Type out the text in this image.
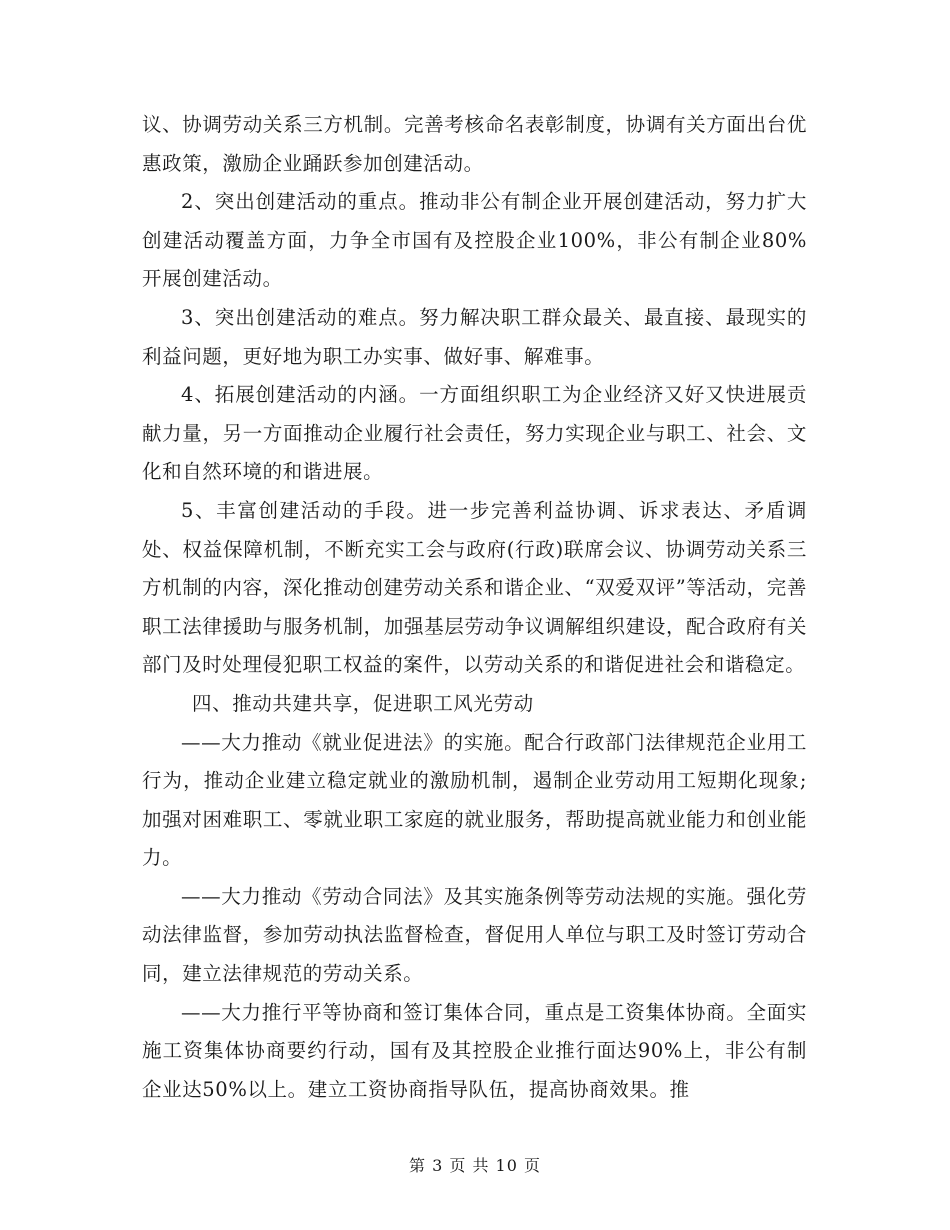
议、协调劳动关系三方机制。完善考核命名表彰制度，协调有关方面出台优惠政策，激励企业踊跃参加创建活动。

2、突出创建活动的重点。推动非公有制企业开展创建活动，努力扩大创建活动覆盖方面，力争全市国有及控股企业100%，非公有制企业80%开展创建活动。

3、突出创建活动的难点。努力解决职工群众最关、最直接、最现实的利益问题，更好地为职工办实事、做好事、解难事。

4、拓展创建活动的内涵。一方面组织职工为企业经济又好又快进展贡献力量，另一方面推动企业履行社会责任，努力实现企业与职工、社会、文化和自然环境的和谐进展。

5、丰富创建活动的手段。进一步完善利益协调、诉求表达、矛盾调处、权益保障机制，不断充实工会与政府(行政)联席会议、协调劳动关系三方机制的内容，深化推动创建劳动关系和谐企业、“双爱双评”等活动，完善职工法律援助与服务机制，加强基层劳动争议调解组织建设，配合政府有关部门及时处理侵犯职工权益的案件，以劳动关系的和谐促进社会和谐稳定。

四、推动共建共享，促进职工风光劳动

——大力推动《就业促进法》的实施。配合行政部门法律规范企业用工行为，推动企业建立稳定就业的激励机制，遏制企业劳动用工短期化现象;加强对困难职工、零就业职工家庭的就业服务，帮助提高就业能力和创业能力。

——大力推动《劳动合同法》及其实施条例等劳动法规的实施。强化劳动法律监督，参加劳动执法监督检查，督促用人单位与职工及时签订劳动合同，建立法律规范的劳动关系。

——大力推行平等协商和签订集体合同，重点是工资集体协商。全面实施工资集体协商要约行动，国有及其控股企业推行面达90%上，非公有制企业达50%以上。建立工资协商指导队伍，提高协商效果。推

第 3 页 共 10 页
